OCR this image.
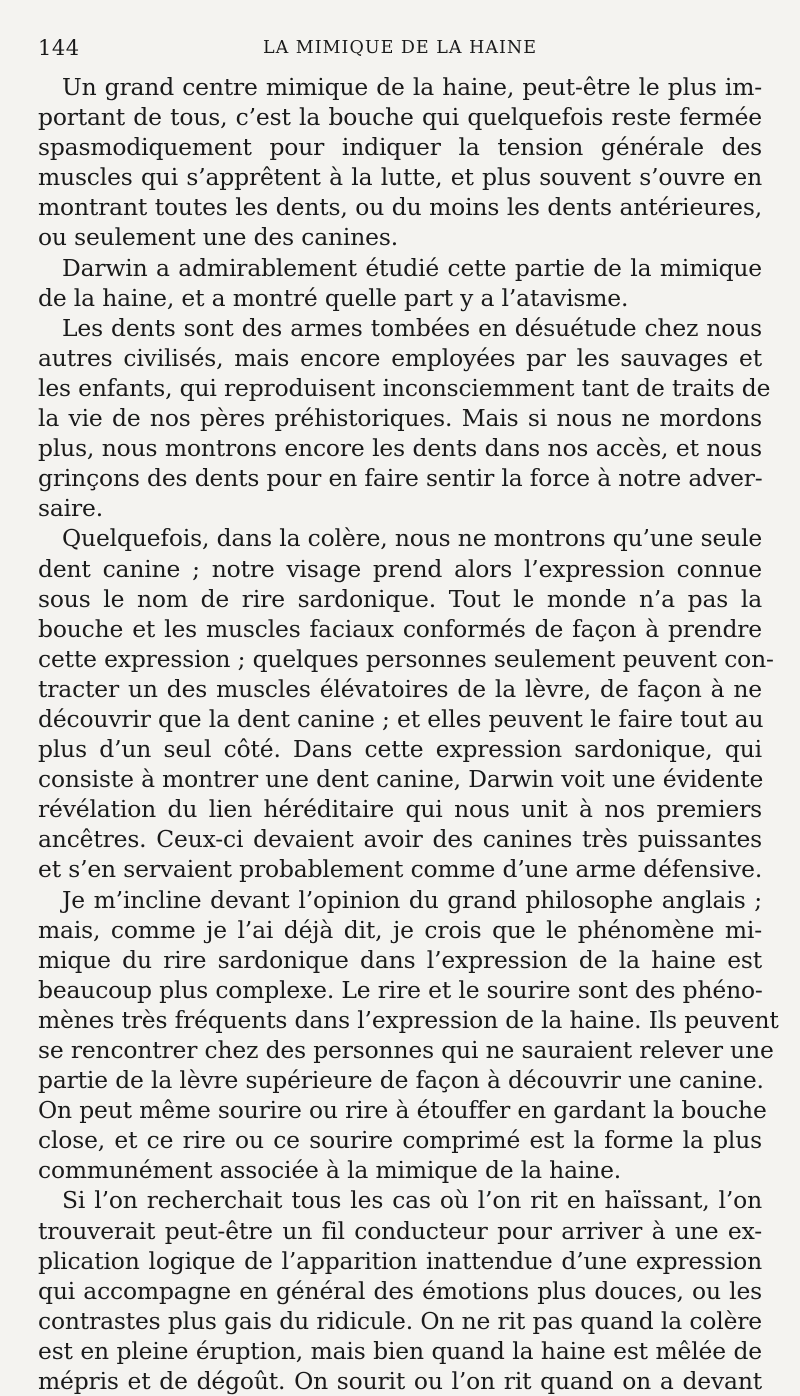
144	LA MIMIQUE DE LA HAINE
Un grand centre mimique de la haine, peut-être le plus im-
portant de tous, c’est la bouche qui quelquefois reste fermée
spasmodiquement pour indiquer la tension générale des
muscles qui s’apprêtent à la lutte, et plus souvent s’ouvre en
montrant toutes les dents, ou du moins les dents antérieures,
ou seulement une des canines.
Darwin a admirablement étudié cette partie de la mimique
de la haine, et a montré quelle part y a l’atavisme.
Les dents sont des armes tombées en désuétude chez nous
autres civilisés, mais encore employées par les sauvages et
les enfants, qui reproduisent inconsciemment tant de traits de
la vie de nos pères préhistoriques. Mais si nous ne mordons
plus, nous montrons encore les dents dans nos accès, et nous
grinçons des dents pour en faire sentir la force à notre adver-
saire.
Quelquefois, dans la colère, nous ne montrons qu’une seule
dent canine ; notre visage prend alors l’expression connue
sous le nom de rire sardonique. Tout le monde n’a pas la
bouche et les muscles faciaux conformés de façon à prendre
cette expression ; quelques personnes seulement peuvent con-
tracter un des muscles élévatoires de la lèvre, de façon à ne
découvrir que la dent canine ; et elles peuvent le faire tout au
plus d’un seul côté. Dans cette expression sardonique, qui
consiste à montrer une dent canine, Darwin voit une évidente
révélation du lien héréditaire qui nous unit à nos premiers
ancêtres. Ceux-ci devaient avoir des canines très puissantes
et s’en servaient probablement comme d’une arme défensive.
Je m’incline devant l’opinion du grand philosophe anglais ;
mais, comme je l’ai déjà dit, je crois que le phénomène mi-
mique du rire sardonique dans l’expression de la haine est
beaucoup plus complexe. Le rire et le sourire sont des phéno-
mènes très fréquents dans l’expression de la haine. Ils peuvent
se rencontrer chez des personnes qui ne sauraient relever une
partie de la lèvre supérieure de façon à découvrir une canine.
On peut même sourire ou rire à étouffer en gardant la bouche
close, et ce rire ou ce sourire comprimé est la forme la plus
communément associée à la mimique de la haine.
Si l’on recherchait tous les cas où l’on rit en haïssant, l’on
trouverait peut-être un fil conducteur pour arriver à une ex-
plication logique de l’apparition inattendue d’une expression
qui accompagne en général des émotions plus douces, ou les
contrastes plus gais du ridicule. On ne rit pas quand la colère
est en pleine éruption, mais bien quand la haine est mêlée de
mépris et de dégoût. On sourit ou l’on rit quand on a devant
